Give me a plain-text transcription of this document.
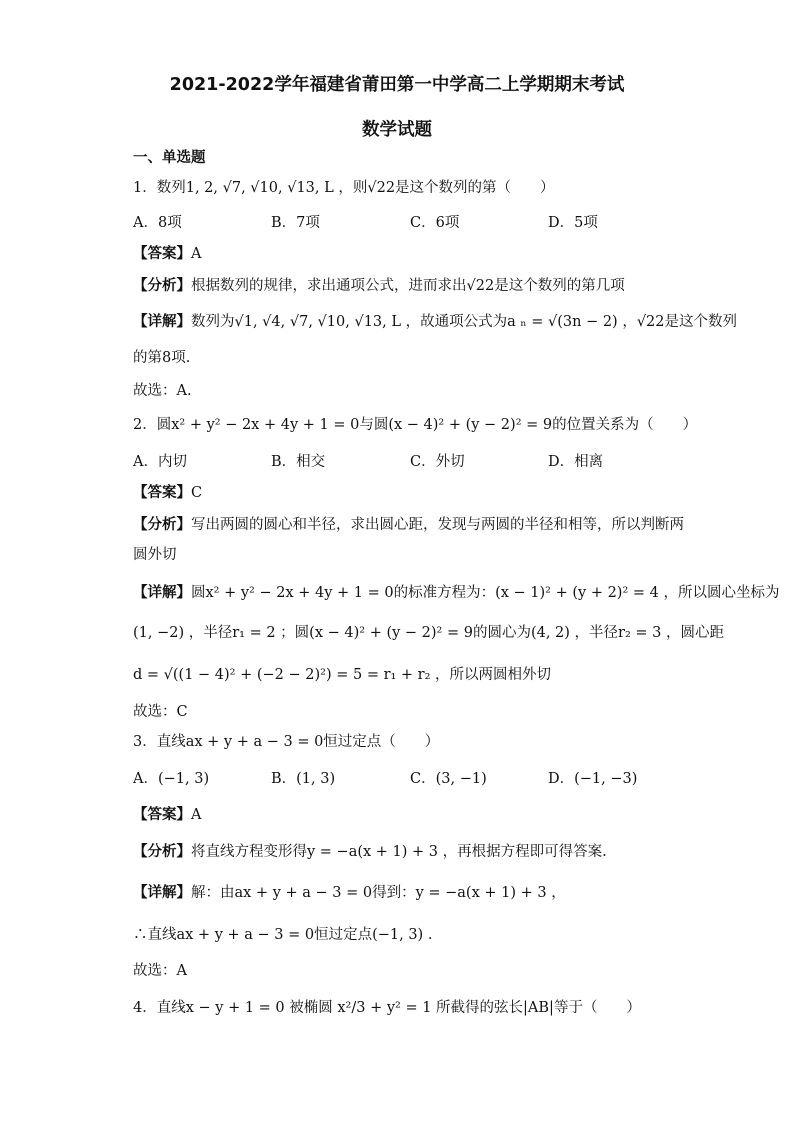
2021-2022学年福建省莆田第一中学高二上学期期末考试
数学试题
一、单选题
1．数列1, 2, √7, √10, √13, L ，则√22是这个数列的第（　　）
A．8项	B．7项	C．6项	D．5项
【答案】A
【分析】根据数列的规律，求出通项公式，进而求出√22是这个数列的第几项
【详解】数列为√1, √4, √7, √10, √13, L ，故通项公式为a ₙ = √(3n − 2) ，√22是这个数列
的第8项.
故选：A.
2．圆x² + y² − 2x + 4y + 1 = 0与圆(x − 4)² + (y − 2)² = 9的位置关系为（　　）
A．内切	B．相交	C．外切	D．相离
【答案】C
【分析】写出两圆的圆心和半径，求出圆心距，发现与两圆的半径和相等，所以判断两
圆外切
【详解】圆x² + y² − 2x + 4y + 1 = 0的标准方程为：(x − 1)² + (y + 2)² = 4 ，所以圆心坐标为
(1, −2) ，半径r₁ = 2 ；圆(x − 4)² + (y − 2)² = 9的圆心为(4, 2) ，半径r₂ = 3 ，圆心距
d = √((1 − 4)² + (−2 − 2)²) = 5 = r₁ + r₂ ，所以两圆相外切
故选：C
3．直线ax + y + a − 3 = 0恒过定点（　　）
A．(−1, 3)	B．(1, 3)	C．(3, −1)	D．(−1, −3)
【答案】A
【分析】将直线方程变形得y = −a(x + 1) + 3 ，再根据方程即可得答案.
【详解】解：由ax + y + a − 3 = 0得到：y = −a(x + 1) + 3 ，
∴直线ax + y + a − 3 = 0恒过定点(−1, 3) .
故选：A
4．直线x − y + 1 = 0 被椭圆 x²/3 + y² = 1 所截得的弦长|AB|等于（　　）
